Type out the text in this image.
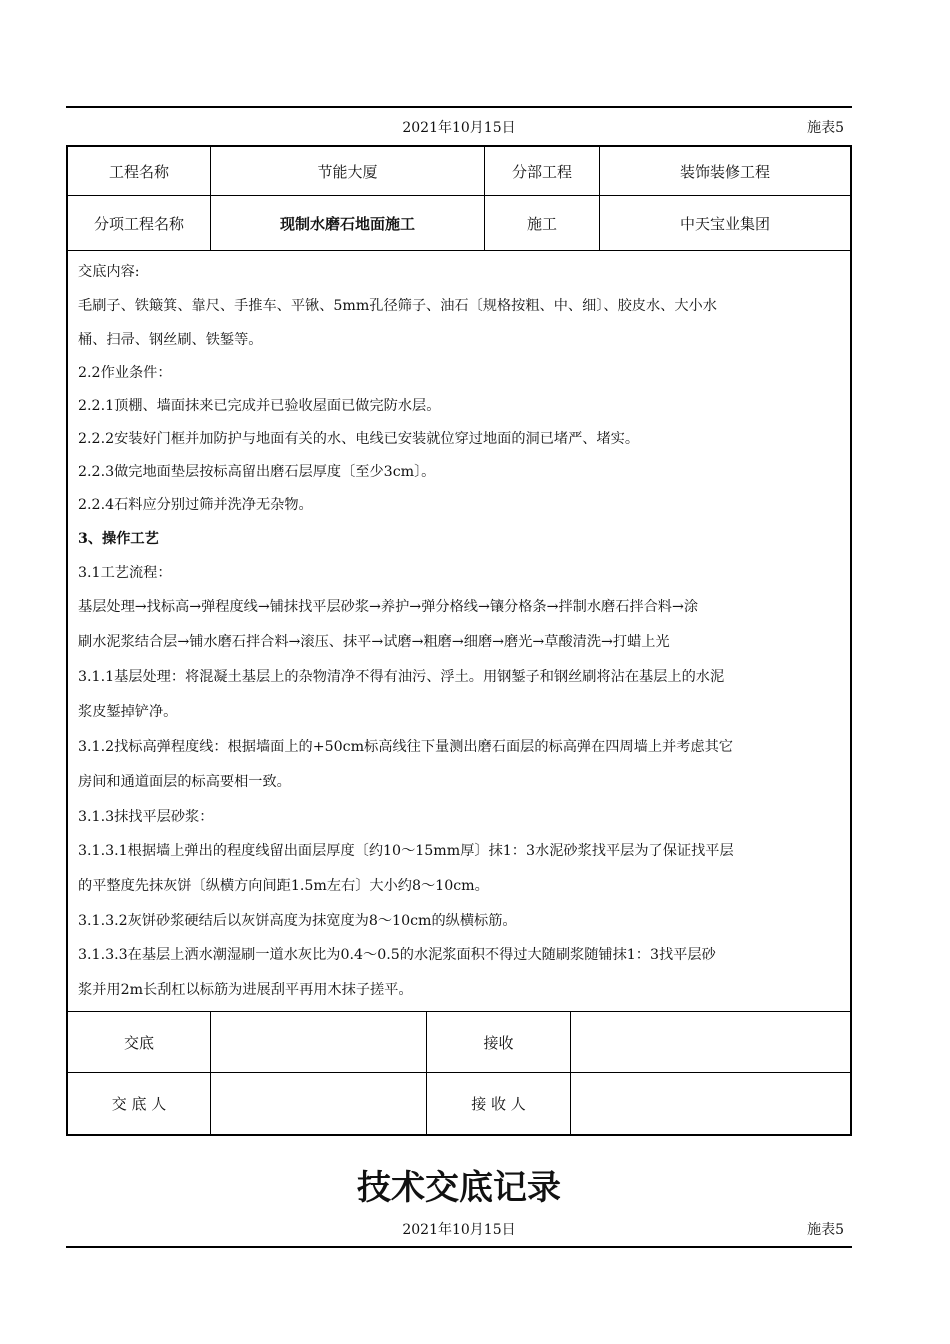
2021年10月15日	施表5
工程名称	节能大厦	分部工程	装饰装修工程
分项工程名称	现制水磨石地面施工	施工	中天宝业集团

交底内容:

毛刷子、铁簸箕、靠尺、手推车、平锹、5mm孔径筛子、油石〔规格按粗、中、细〕、胶皮水、大小水

桶、扫帚、钢丝刷、铁錾等。

2.2作业条件：

2.2.1顶棚、墙面抹来已完成并已验收屋面已做完防水层。

2.2.2安装好门框并加防护与地面有关的水、电线已安装就位穿过地面的洞已堵严、堵实。

2.2.3做完地面垫层按标高留出磨石层厚度〔至少3cm〕。

2.2.4石料应分别过筛并洗净无杂物。

3、操作工艺

3.1工艺流程：

基层处理→找标高→弹程度线→铺抹找平层砂浆→养护→弹分格线→镶分格条→拌制水磨石拌合料→涂

刷水泥浆结合层→铺水磨石拌合料→滚压、抹平→试磨→粗磨→细磨→磨光→草酸清洗→打蜡上光

3.1.1基层处理：将混凝土基层上的杂物清净不得有油污、浮土。用钢錾子和钢丝刷将沾在基层上的水泥

浆皮錾掉铲净。

3.1.2找标高弹程度线：根据墙面上的+50cm标高线往下量测出磨石面层的标高弹在四周墙上并考虑其它

房间和通道面层的标高要相一致。

3.1.3抹找平层砂浆：

3.1.3.1根据墙上弹出的程度线留出面层厚度〔约10～15mm厚〕抹1：3水泥砂浆找平层为了保证找平层

的平整度先抹灰饼〔纵横方向间距1.5m左右〕大小约8～10cm。

3.1.3.2灰饼砂浆硬结后以灰饼高度为抹宽度为8～10cm的纵横标筋。

3.1.3.3在基层上洒水潮湿刷一道水灰比为0.4～0.5的水泥浆面积不得过大随刷浆随铺抹1：3找平层砂

浆并用2m长刮杠以标筋为进展刮平再用木抹子搓平。

交底	接收
交 底 人	接 收 人
技术交底记录
2021年10月15日	施表5
